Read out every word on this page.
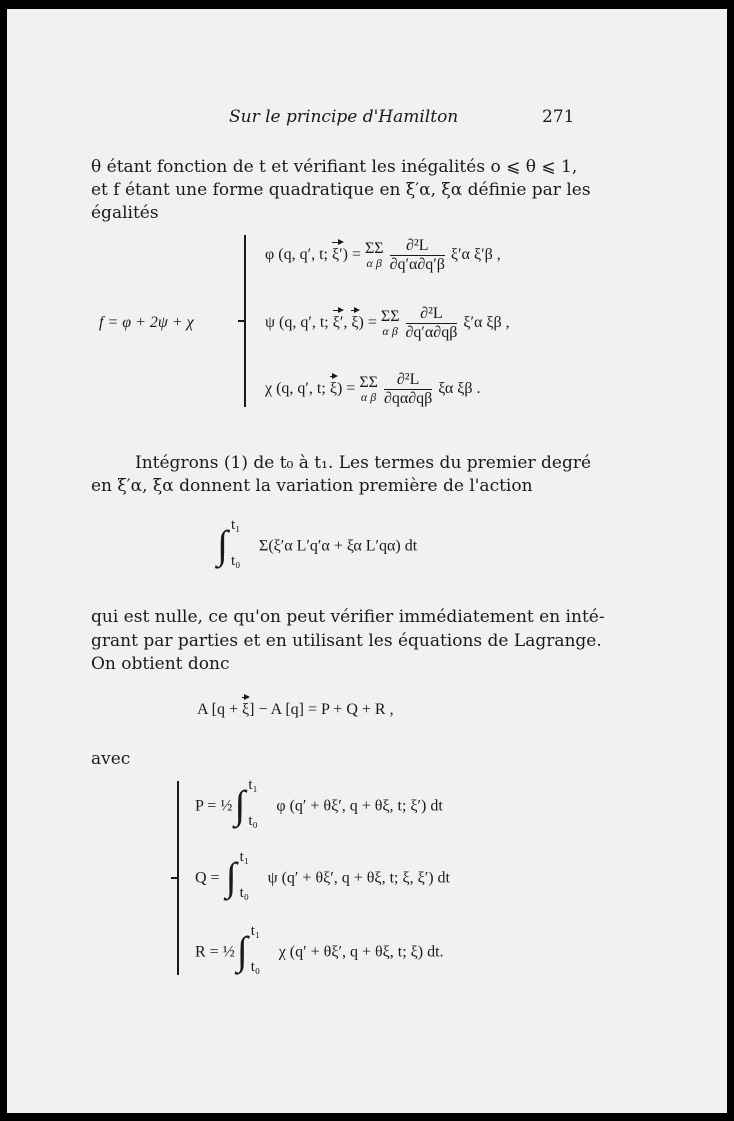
Sur le principe d'Hamilton	271
θ étant fonction de t et vérifiant les inégalités o ⩽ θ ⩽ 1,
et f étant une forme quadratique en ξ′α, ξα définie par les
égalités
f = φ + 2ψ + χ
φ (q, q′, t; ξ′) = Σ
α
Σ
β
$\frac{\text{∂²L}}{\partial q'\alpha\partial q'\beta} \xi'\alpha$ ξ′β ,
ψ (q, q′, t; ξ′, ξ) = Σ
α
Σ
β
$\frac{\text{∂²L}}{\partial q'\alpha\partial q\beta} \xi'\alpha$ ξβ ,
χ (q, q′, t; ξ) = Σ
α
Σ
β
$\frac{\text{∂²L}}{\partial q\alpha\partial q\beta}$ ξα ξβ .
Intégrons (1) de t₀ à t₁. Les termes du premier degré
en ξ′α, ξα donnent la variation première de l'action
∫ t₁
t₀
Σ(ξ′α L′q′α + ξα L′qα) dt
qui est nulle, ce qu'on peut vérifier immédiatement en inté-
grant par parties et en utilisant les équations de Lagrange.
On obtient donc
A [q + ξ] − A [q] = P + Q + R ,
avec
P = ½ ∫ t₁
t₀
φ (q′ + θξ′, q + θξ, t; ξ′) dt
Q = ∫ t₁
t₀
ψ (q′ + θξ′, q + θξ, t; ξ, ξ′) dt
R = ½ ∫ t₁
t₀
χ (q′ + θξ′, q + θξ, t; ξ) dt.
